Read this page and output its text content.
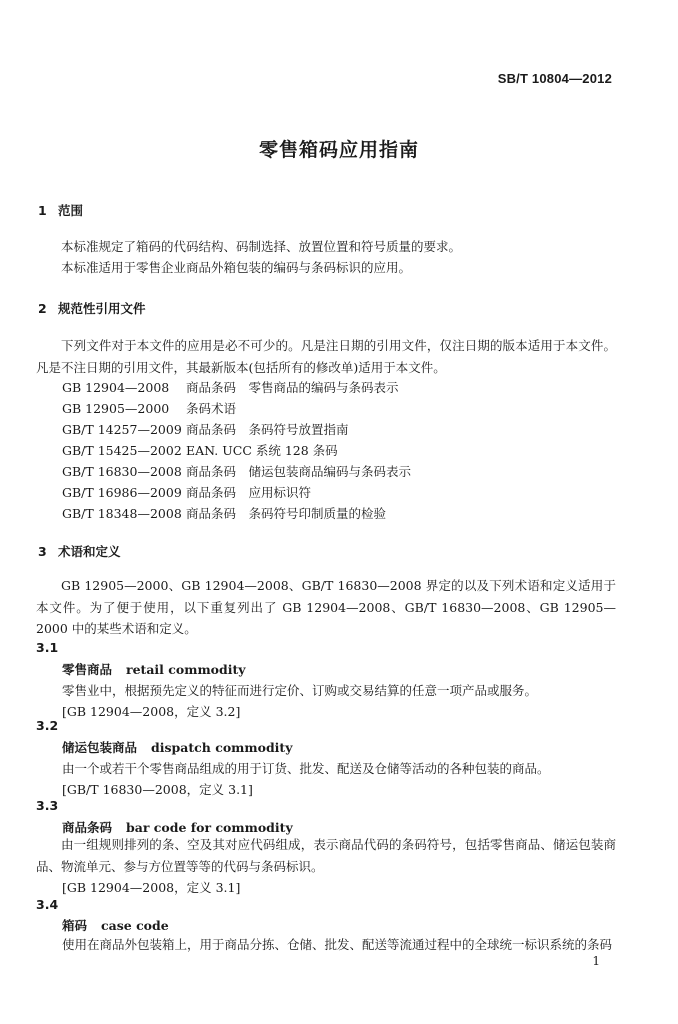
SB/T 10804—2012
零售箱码应用指南
1 范围

本标准规定了箱码的代码结构、码制选择、放置位置和符号质量的要求。

本标准适用于零售企业商品外箱包装的编码与条码标识的应用。

2 规范性引用文件

下列文件对于本文件的应用是必不可少的。凡是注日期的引用文件，仅注日期的版本适用于本文件。凡是不注日期的引用文件，其最新版本(包括所有的修改单)适用于本文件。

GB 12904—2008 商品条码　零售商品的编码与条码表示
GB 12905—2000 条码术语
GB/T 14257—2009 商品条码　条码符号放置指南
GB/T 15425—2002 EAN. UCC 系统 128 条码
GB/T 16830—2008 商品条码　储运包装商品编码与条码表示
GB/T 16986—2009 商品条码　应用标识符
GB/T 18348—2008 商品条码　条码符号印制质量的检验
3 术语和定义

GB 12905—2000、GB 12904—2008、GB/T 16830—2008 界定的以及下列术语和定义适用于本文件。为了便于使用，以下重复列出了 GB 12904—2008、GB/T 16830—2008、GB 12905—2000 中的某些术语和定义。

3.1
零售商品 retail commodity
零售业中，根据预先定义的特征而进行定价、订购或交易结算的任意一项产品或服务。
[GB 12904—2008，定义 3.2]
3.2
储运包装商品 dispatch commodity
由一个或若干个零售商品组成的用于订货、批发、配送及仓储等活动的各种包装的商品。
[GB/T 16830—2008，定义 3.1]
3.3
商品条码 bar code for commodity

由一组规则排列的条、空及其对应代码组成，表示商品代码的条码符号，包括零售商品、储运包装商品、物流单元、参与方位置等等的代码与条码标识。

[GB 12904—2008，定义 3.1]
3.4
箱码 case code
使用在商品外包装箱上，用于商品分拣、仓储、批发、配送等流通过程中的全球统一标识系统的条码
1
